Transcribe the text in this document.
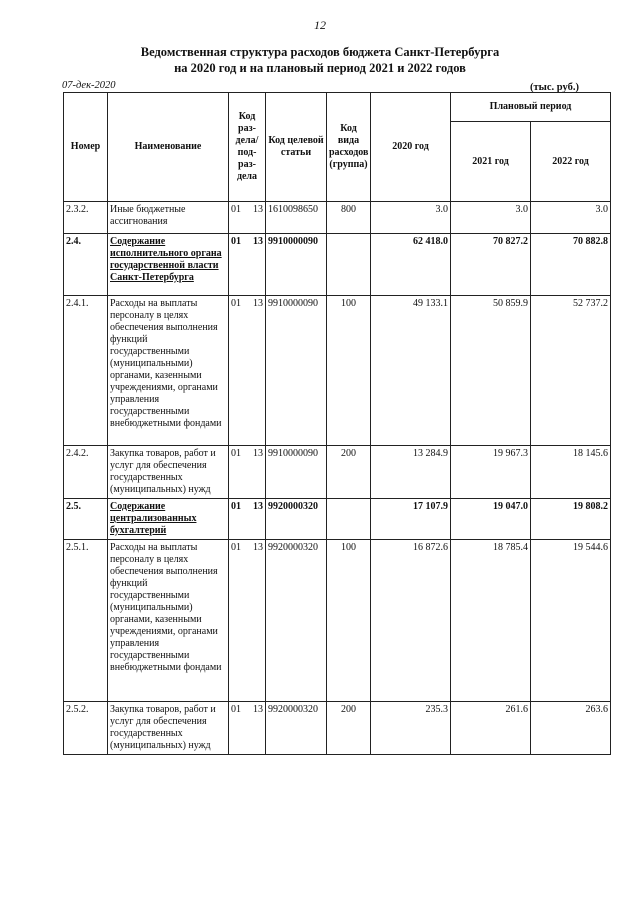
12
Ведомственная структура расходов бюджета Санкт-Петербурга
на 2020 год и на плановый период 2021 и 2022 годов
07-дек-2020	(тыс. руб.)
Номер	Наименование	Код раз- дела/ под- раз- дела	Код целевой статьи	Код вида расходов (группа)	2020 год	Плановый период	
						2021 год	2022 год
2.3.2.	Иные бюджетные ассигнования	01 13	1610098650	800	3.0	3.0	3.0
2.4.	Содержание исполнительного органа государственной власти Санкт-Петербурга	01 13	9910000090		62 418.0	70 827.2	70 882.8
2.4.1.	Расходы на выплаты персоналу в целях обеспечения выполнения функций государственными (муниципальными) органами, казенными учреждениями, органами управления государственными внебюджетными фондами	01 13	9910000090	100	49 133.1	50 859.9	52 737.2
2.4.2.	Закупка товаров, работ и услуг для обеспечения государственных (муниципальных) нужд	01 13	9910000090	200	13 284.9	19 967.3	18 145.6
2.5.	Содержание централизованных бухгалтерий	01 13	9920000320		17 107.9	19 047.0	19 808.2
2.5.1.	Расходы на выплаты персоналу в целях обеспечения выполнения функций государственными (муниципальными) органами, казенными учреждениями, органами управления государственными внебюджетными фондами	01 13	9920000320	100	16 872.6	18 785.4	19 544.6
2.5.2.	Закупка товаров, работ и услуг для обеспечения государственных (муниципальных) нужд	01 13	9920000320	200	235.3	261.6	263.6
